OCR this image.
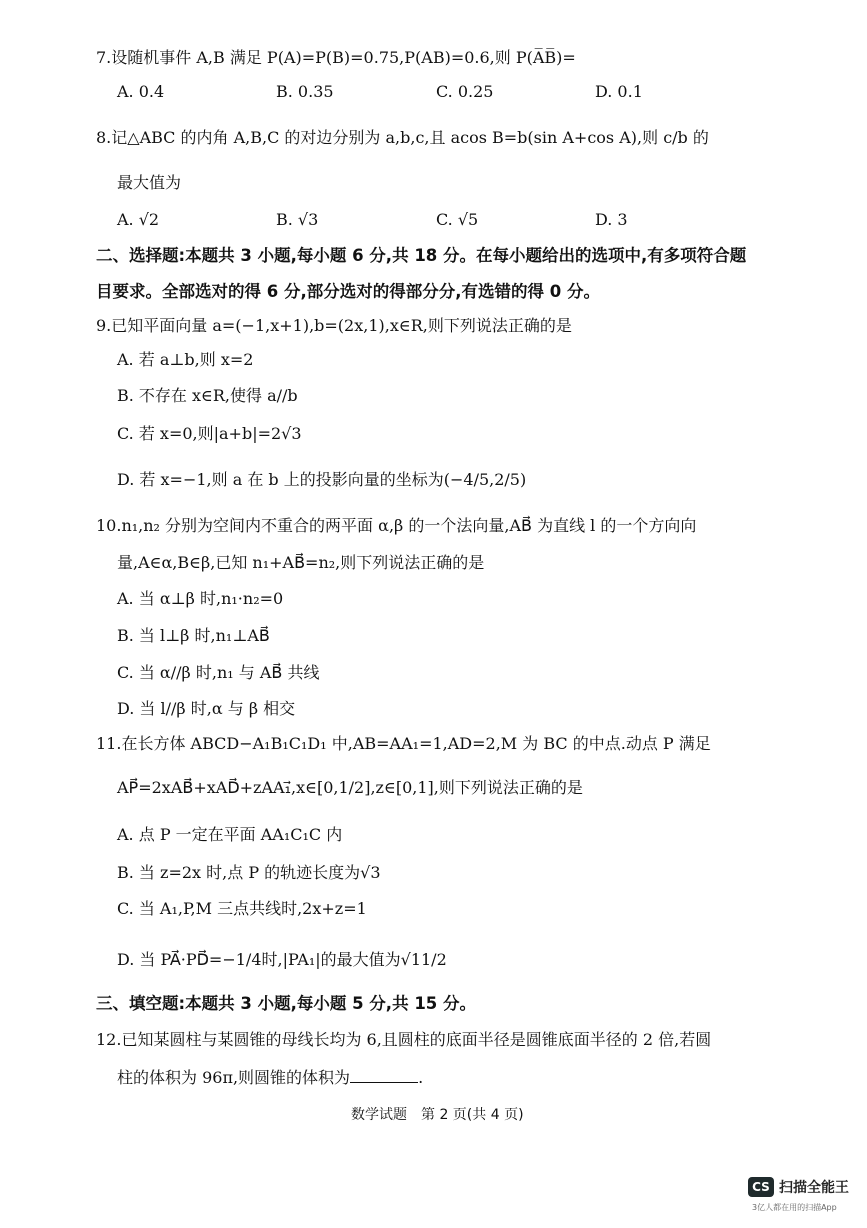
7.设随机事件 A,B 满足 P(A)=P(B)=0.75,P(AB)=0.6,则 P(A̅B̅)=
A. 0.4	B. 0.35	C. 0.25	D. 0.1
8.记△ABC 的内角 A,B,C 的对边分别为 a,b,c,且 acos B=b(sin A+cos A),则 c/b 的
最大值为
A. √2	B. √3	C. √5	D. 3
二、选择题:本题共 3 小题,每小题 6 分,共 18 分。在每小题给出的选项中,有多项符合题
目要求。全部选对的得 6 分,部分选对的得部分分,有选错的得 0 分。
9.已知平面向量 a=(−1,x+1),b=(2x,1),x∈R,则下列说法正确的是
A. 若 a⊥b,则 x=2
B. 不存在 x∈R,使得 a//b
C. 若 x=0,则|a+b|=2√3
D. 若 x=−1,则 a 在 b 上的投影向量的坐标为(−4/5,2/5)
10.n₁,n₂ 分别为空间内不重合的两平面 α,β 的一个法向量,AB⃗ 为直线 l 的一个方向向
量,A∈α,B∈β,已知 n₁+AB⃗=n₂,则下列说法正确的是
A. 当 α⊥β 时,n₁·n₂=0
B. 当 l⊥β 时,n₁⊥AB⃗
C. 当 α//β 时,n₁ 与 AB⃗ 共线
D. 当 l//β 时,α 与 β 相交
11.在长方体 ABCD−A₁B₁C₁D₁ 中,AB=AA₁=1,AD=2,M 为 BC 的中点.动点 P 满足
AP⃗=2xAB⃗+xAD⃗+zAA₁⃗,x∈[0,1/2],z∈[0,1],则下列说法正确的是
A. 点 P 一定在平面 AA₁C₁C 内
B. 当 z=2x 时,点 P 的轨迹长度为√3
C. 当 A₁,P,M 三点共线时,2x+z=1
D. 当 PA⃗·PD⃗=−1/4时,|PA₁|的最大值为√11/2
三、填空题:本题共 3 小题,每小题 5 分,共 15 分。
12.已知某圆柱与某圆锥的母线长均为 6,且圆柱的底面半径是圆锥底面半径的 2 倍,若圆
柱的体积为 96π,则圆锥的体积为	.
数学试题　第 2 页(共 4 页)
CS 扫描全能王
3亿人都在用的扫描App
